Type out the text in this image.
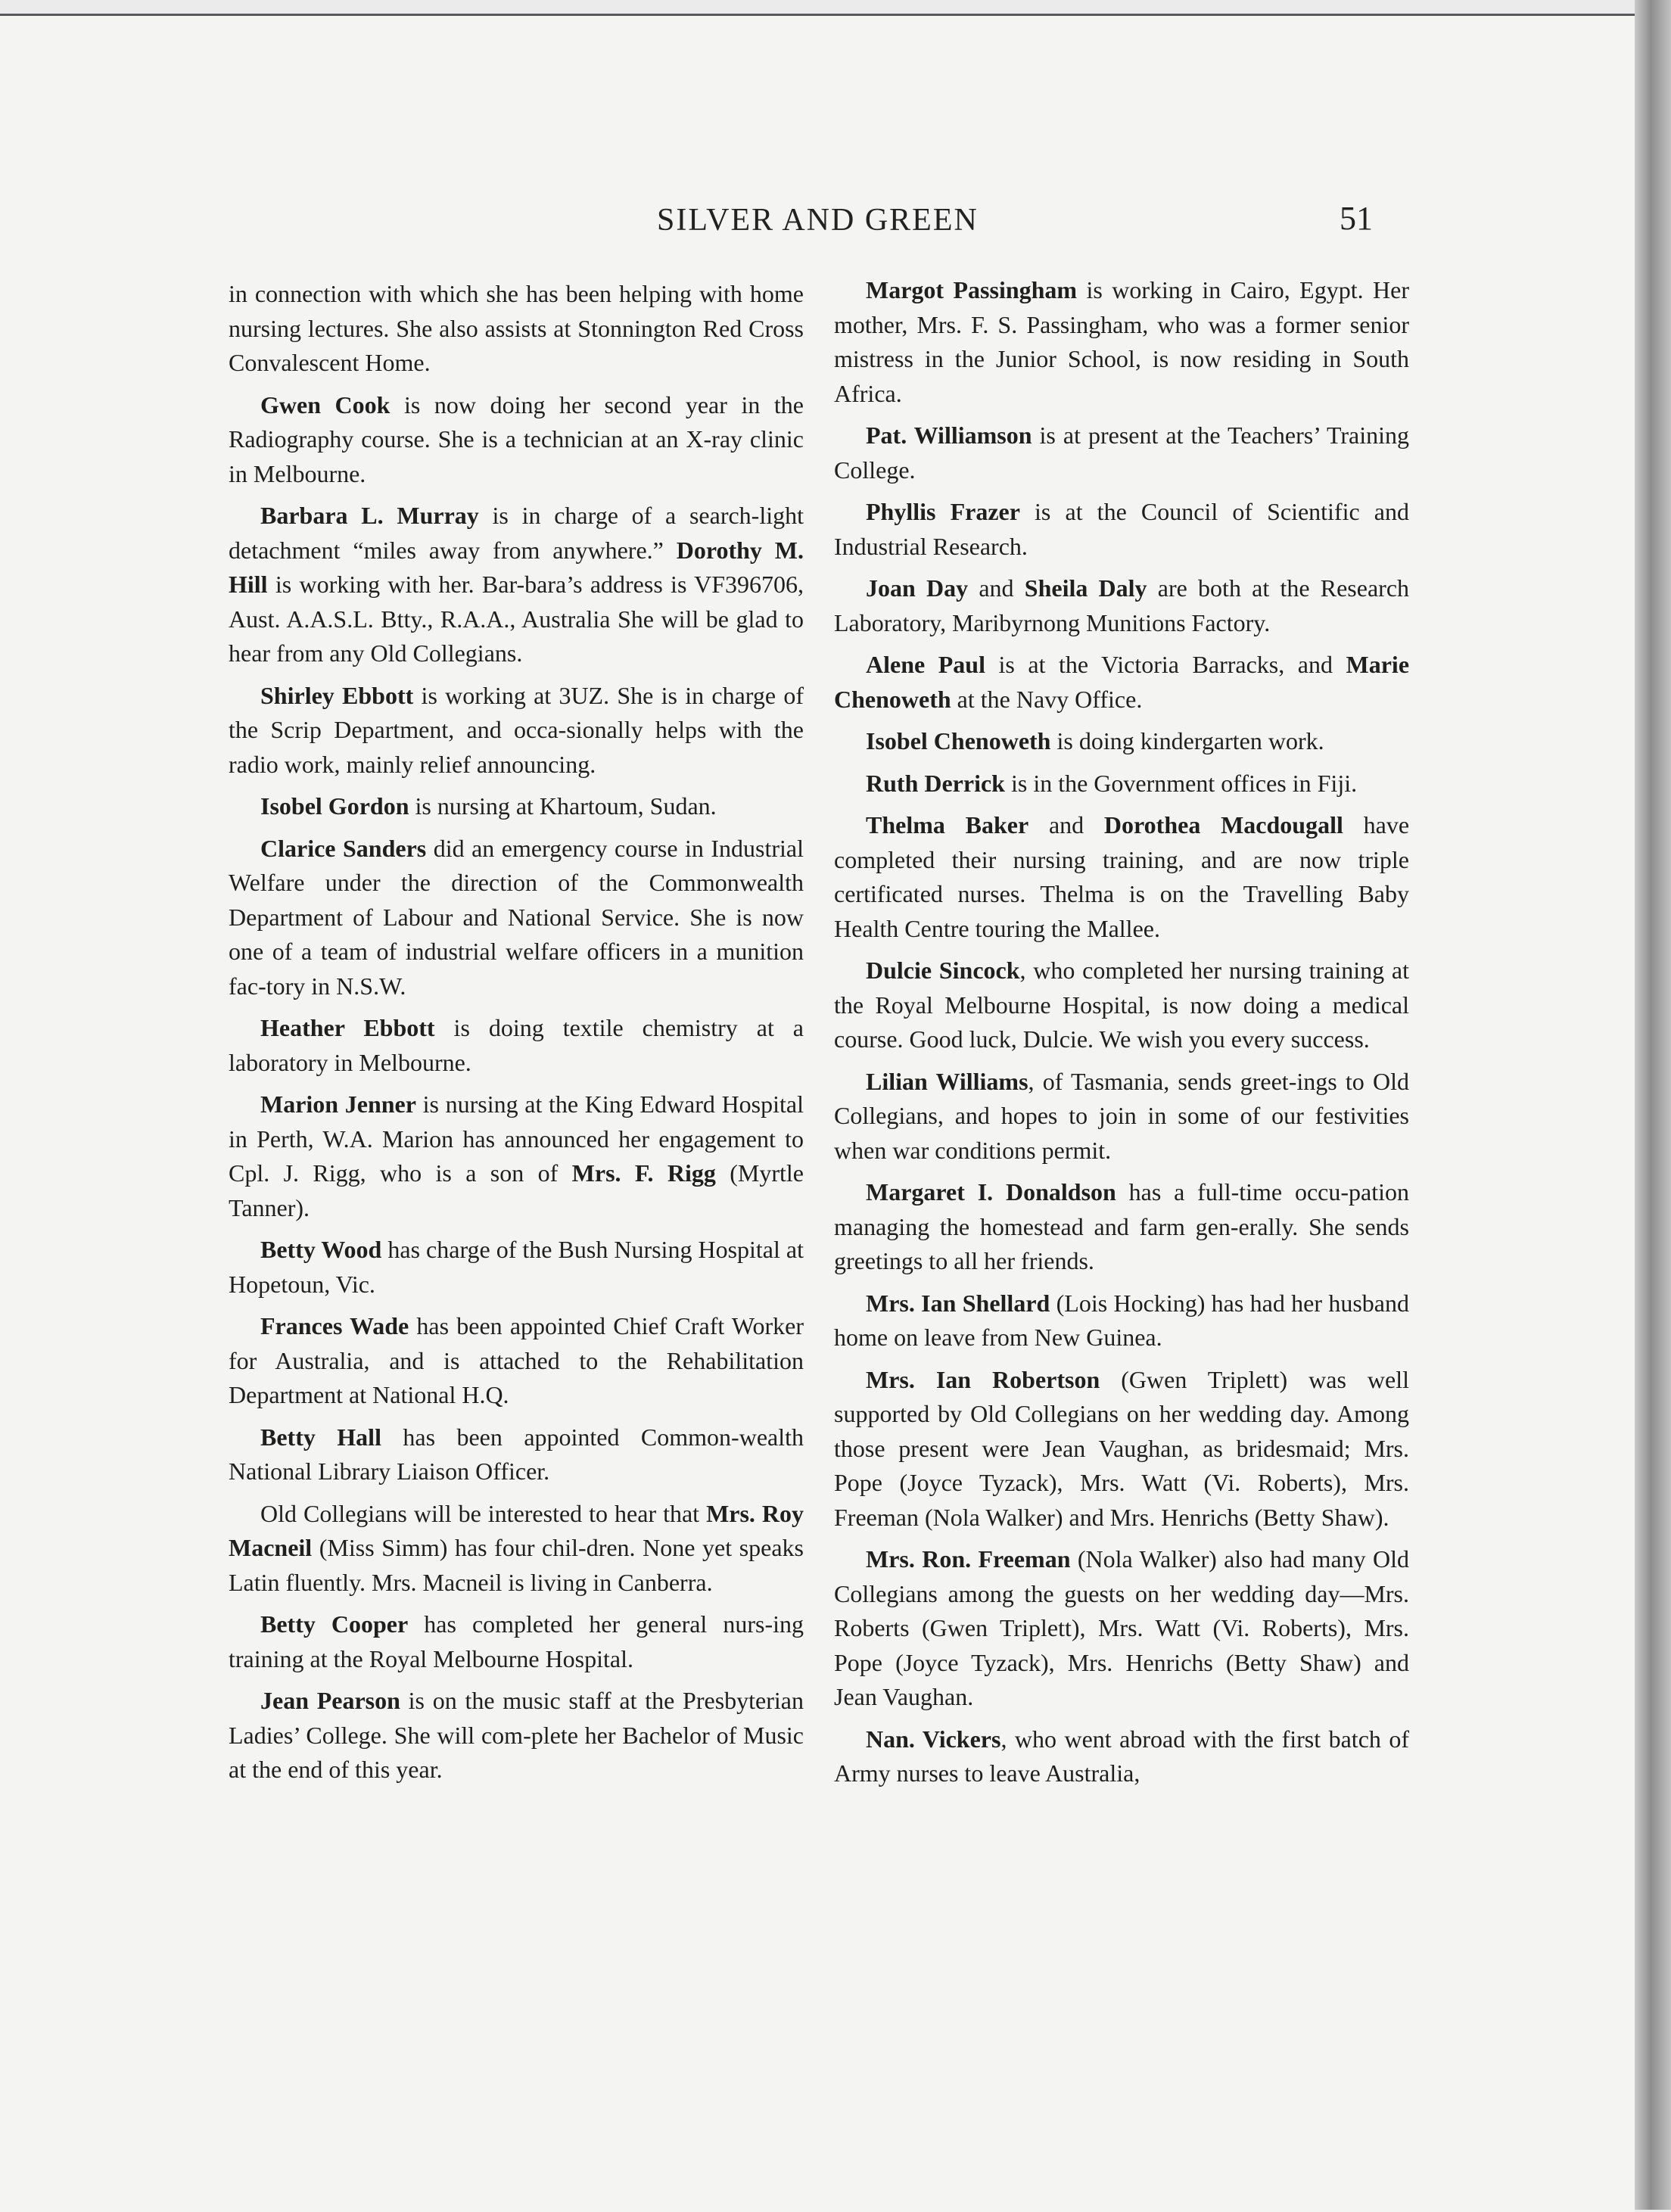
SILVER AND GREEN	51

in connection with which she has been helping with home nursing lectures. She also assists at Stonnington Red Cross Convalescent Home.

Gwen Cook is now doing her second year in the Radiography course. She is a technician at an X-ray clinic in Melbourne.

Barbara L. Murray is in charge of a search-light detachment “miles away from anywhere.” Dorothy M. Hill is working with her. Bar-bara’s address is VF396706, Aust. A.A.S.L. Btty., R.A.A., Australia She will be glad to hear from any Old Collegians.

Shirley Ebbott is working at 3UZ. She is in charge of the Scrip Department, and occa-sionally helps with the radio work, mainly relief announcing.

Isobel Gordon is nursing at Khartoum, Sudan.

Clarice Sanders did an emergency course in Industrial Welfare under the direction of the Commonwealth Department of Labour and National Service. She is now one of a team of industrial welfare officers in a munition fac-tory in N.S.W.

Heather Ebbott is doing textile chemistry at a laboratory in Melbourne.

Marion Jenner is nursing at the King Edward Hospital in Perth, W.A. Marion has announced her engagement to Cpl. J. Rigg, who is a son of Mrs. F. Rigg (Myrtle Tanner).

Betty Wood has charge of the Bush Nursing Hospital at Hopetoun, Vic.

Frances Wade has been appointed Chief Craft Worker for Australia, and is attached to the Rehabilitation Department at National H.Q.

Betty Hall has been appointed Common-wealth National Library Liaison Officer.

Old Collegians will be interested to hear that Mrs. Roy Macneil (Miss Simm) has four chil-dren. None yet speaks Latin fluently. Mrs. Macneil is living in Canberra.

Betty Cooper has completed her general nurs-ing training at the Royal Melbourne Hospital.

Jean Pearson is on the music staff at the Presbyterian Ladies’ College. She will com-plete her Bachelor of Music at the end of this year.

Margot Passingham is working in Cairo, Egypt. Her mother, Mrs. F. S. Passingham, who was a former senior mistress in the Junior School, is now residing in South Africa.

Pat. Williamson is at present at the Teachers’ Training College.

Phyllis Frazer is at the Council of Scientific and Industrial Research.

Joan Day and Sheila Daly are both at the Research Laboratory, Maribyrnong Munitions Factory.

Alene Paul is at the Victoria Barracks, and Marie Chenoweth at the Navy Office.

Isobel Chenoweth is doing kindergarten work.

Ruth Derrick is in the Government offices in Fiji.

Thelma Baker and Dorothea Macdougall have completed their nursing training, and are now triple certificated nurses. Thelma is on the Travelling Baby Health Centre touring the Mallee.

Dulcie Sincock, who completed her nursing training at the Royal Melbourne Hospital, is now doing a medical course. Good luck, Dulcie. We wish you every success.

Lilian Williams, of Tasmania, sends greet-ings to Old Collegians, and hopes to join in some of our festivities when war conditions permit.

Margaret I. Donaldson has a full-time occu-pation managing the homestead and farm gen-erally. She sends greetings to all her friends.

Mrs. Ian Shellard (Lois Hocking) has had her husband home on leave from New Guinea.

Mrs. Ian Robertson (Gwen Triplett) was well supported by Old Collegians on her wedding day. Among those present were Jean Vaughan, as bridesmaid; Mrs. Pope (Joyce Tyzack), Mrs. Watt (Vi. Roberts), Mrs. Freeman (Nola Walker) and Mrs. Henrichs (Betty Shaw).

Mrs. Ron. Freeman (Nola Walker) also had many Old Collegians among the guests on her wedding day—Mrs. Roberts (Gwen Triplett), Mrs. Watt (Vi. Roberts), Mrs. Pope (Joyce Tyzack), Mrs. Henrichs (Betty Shaw) and Jean Vaughan.

Nan. Vickers, who went abroad with the first batch of Army nurses to leave Australia,
